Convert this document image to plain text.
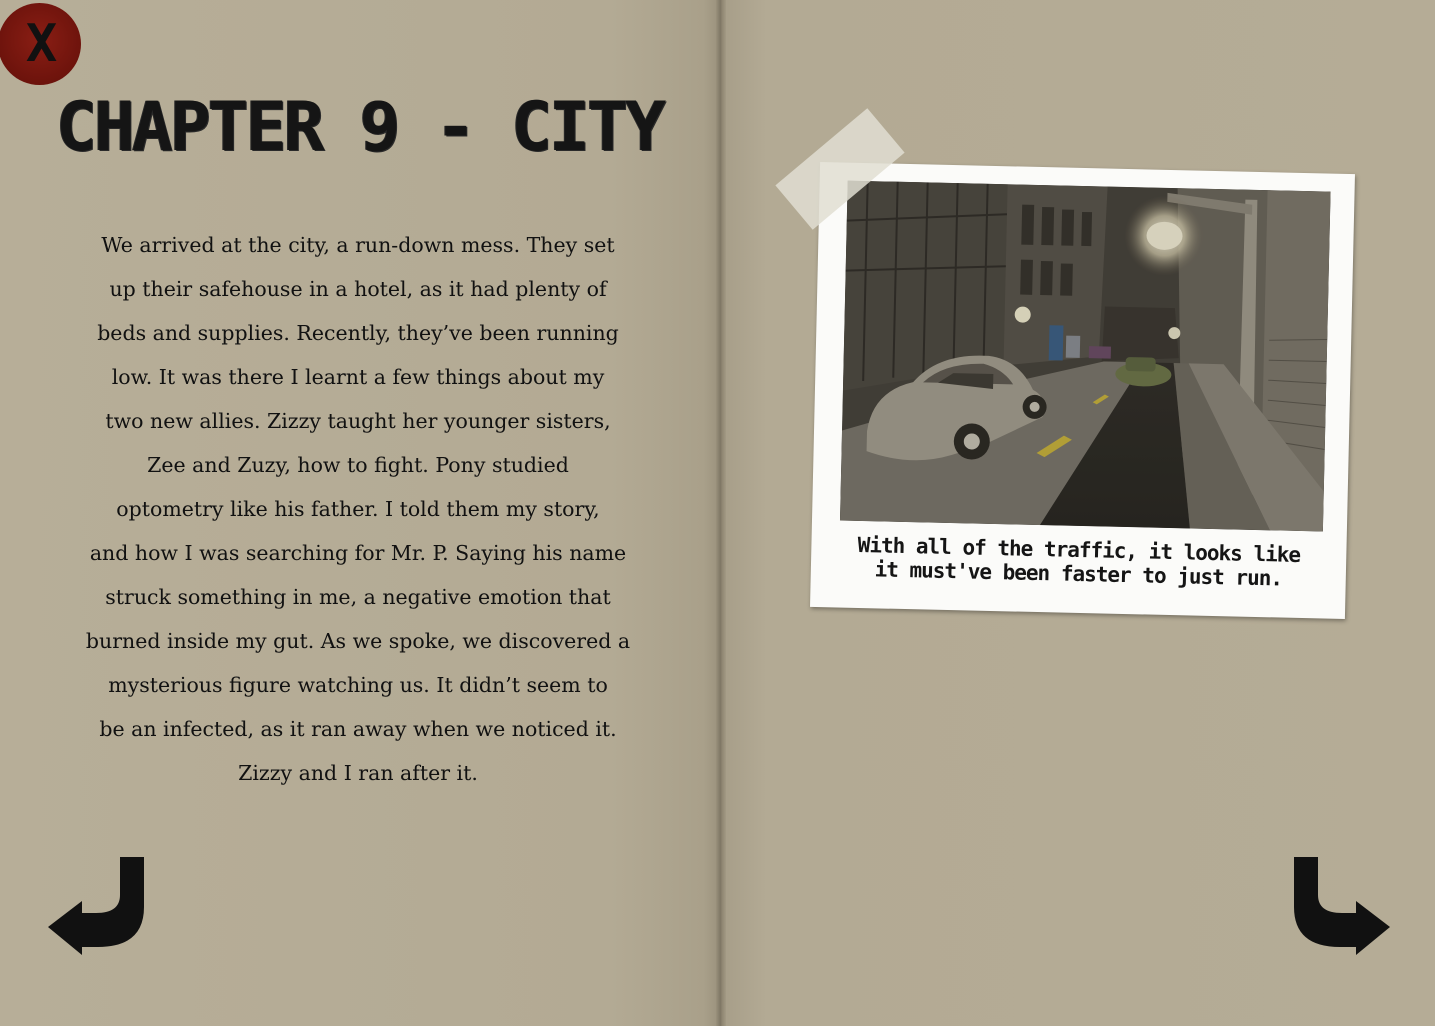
X
CHAPTER 9 - CITY
We arrived at the city, a run-down mess. They set
up their safehouse in a hotel, as it had plenty of
beds and supplies. Recently, they’ve been running
low. It was there I learnt a few things about my
two new allies. Zizzy taught her younger sisters,
Zee and Zuzy, how to fight. Pony studied
optometry like his father. I told them my story,
and how I was searching for Mr. P. Saying his name
struck something in me, a negative emotion that
burned inside my gut. As we spoke, we discovered a
mysterious figure watching us. It didn’t seem to
be an infected, as it ran away when we noticed it.
Zizzy and I ran after it.
With all of the traffic, it looks like
it must've been faster to just run.
